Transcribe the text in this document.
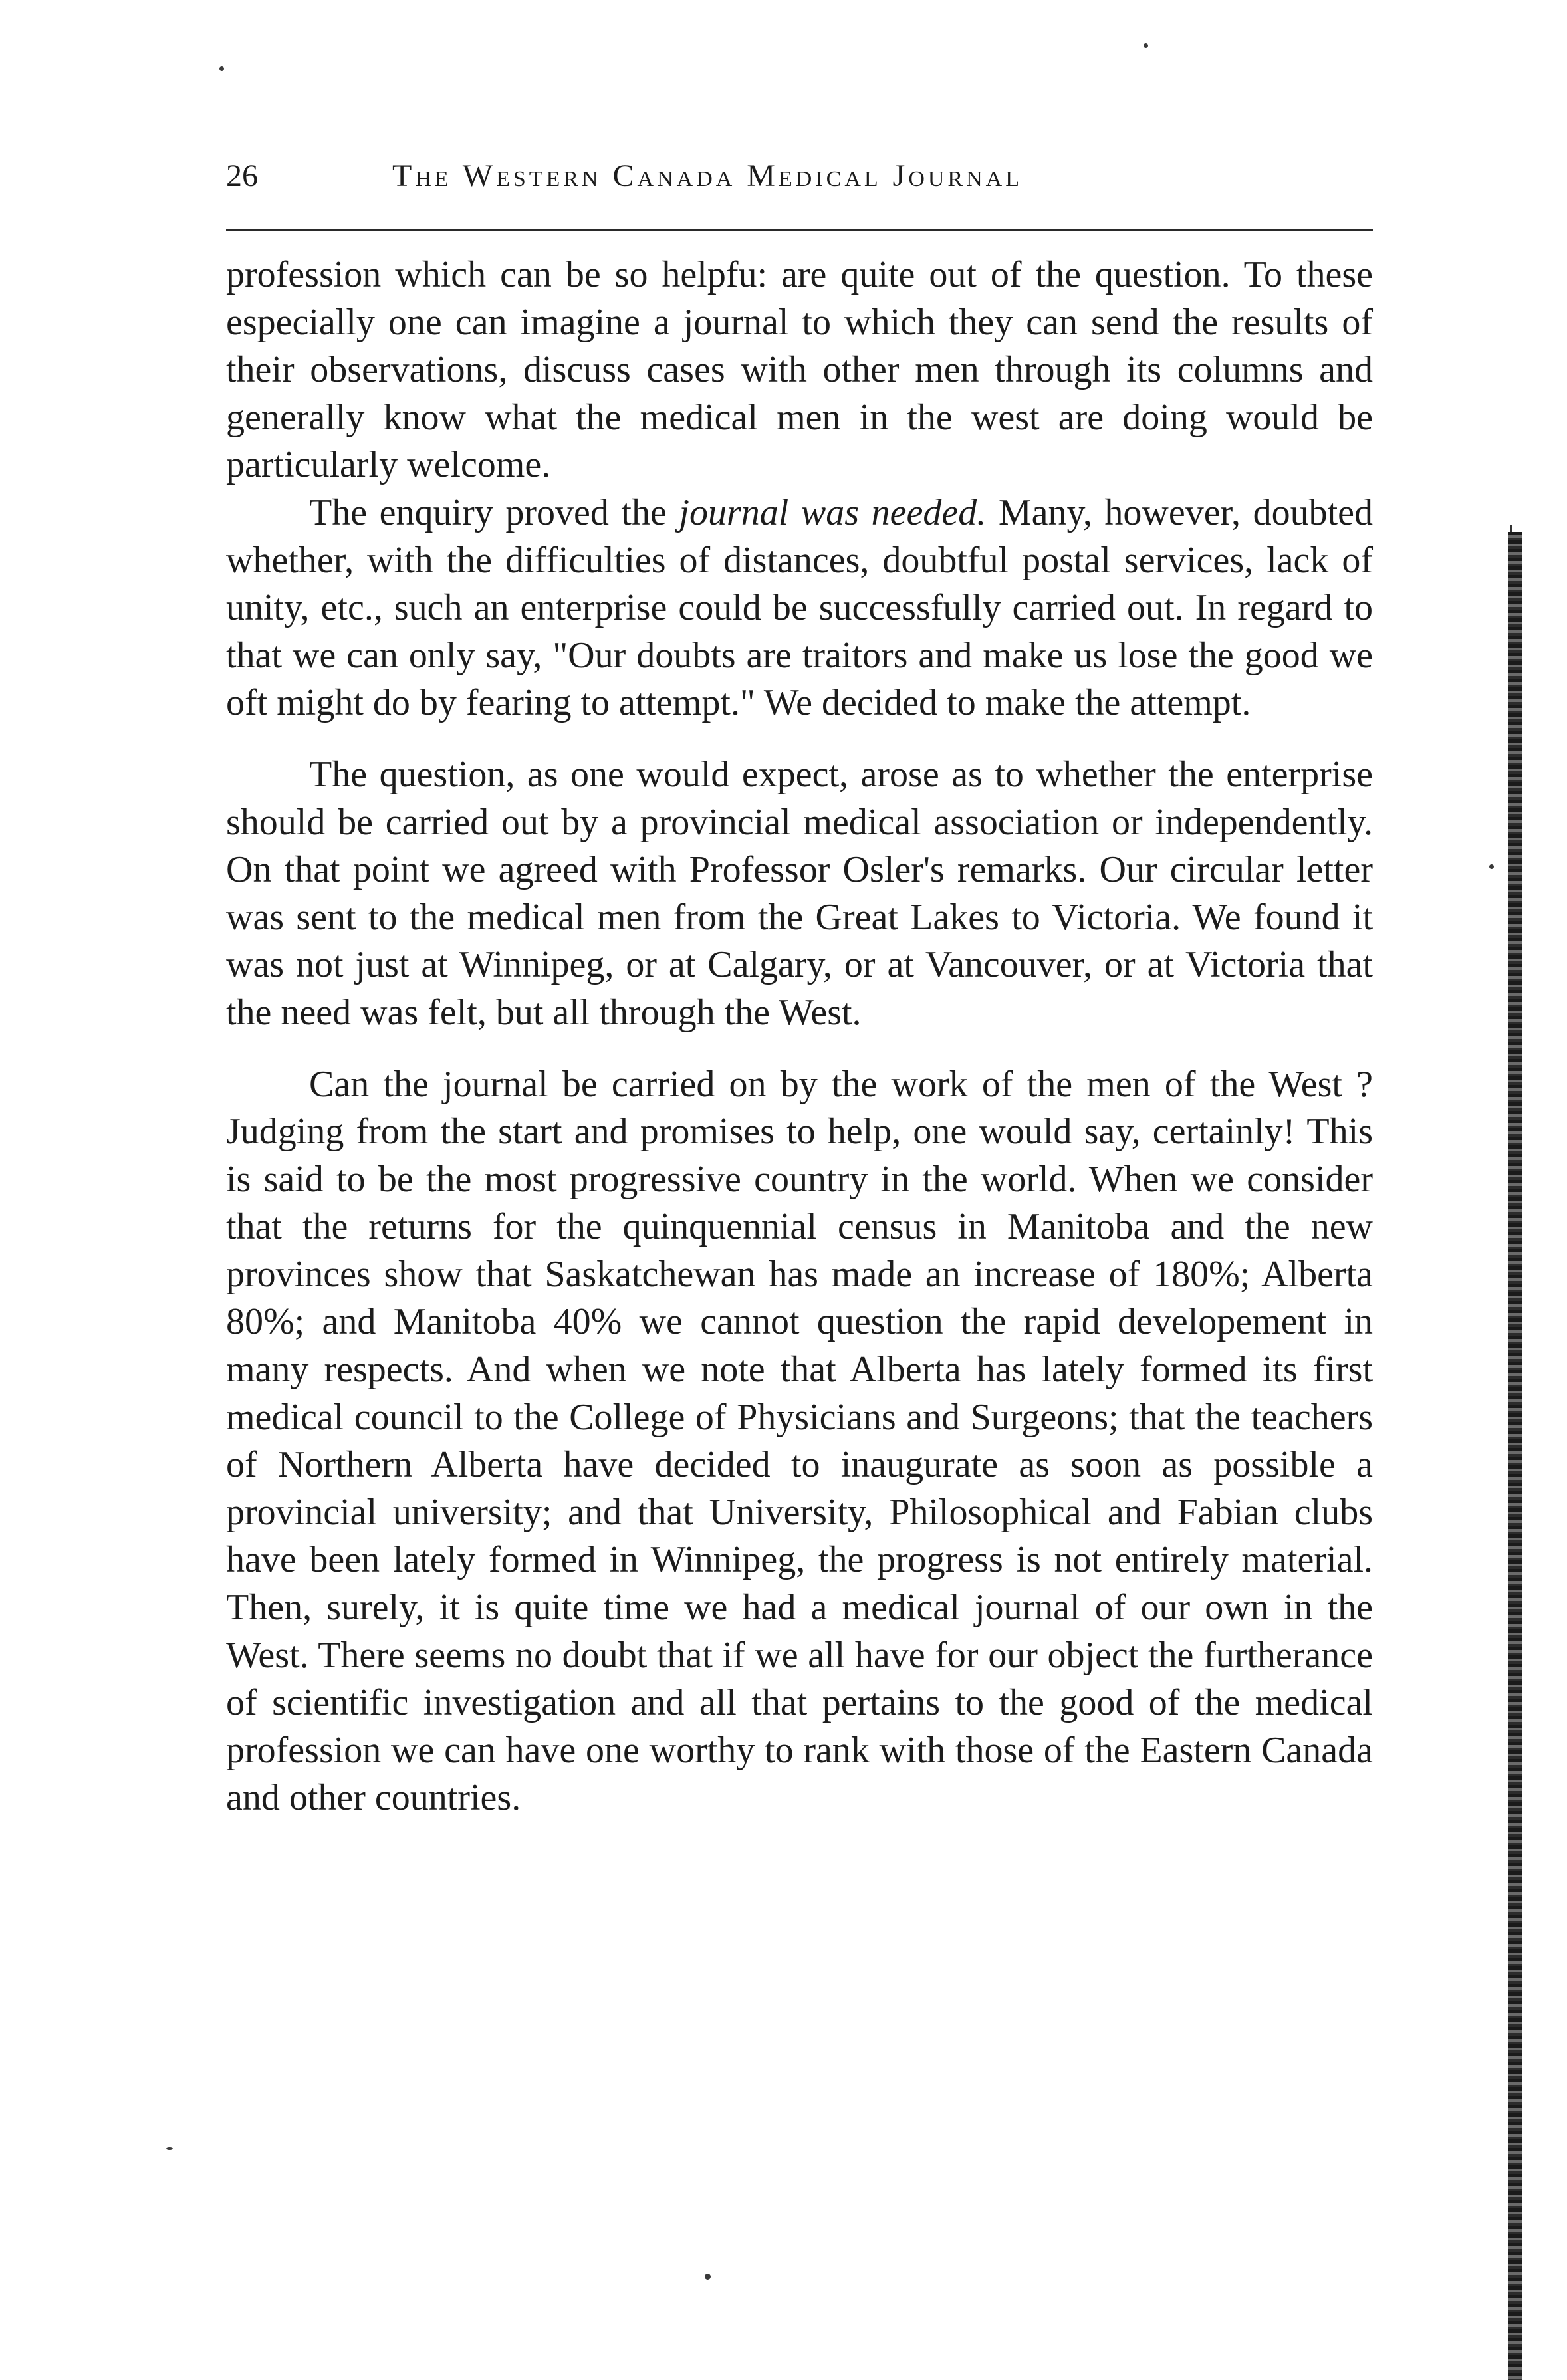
26	The Western Canada Medical Journal

profession which can be so helpfu: are quite out of the question. To these especially one can imagine a journal to which they can send the results of their observations, discuss cases with other men through its columns and generally know what the medical men in the west are doing would be particularly welcome.

The enquiry proved the journal was needed. Many, however, doubted whether, with the difficulties of distances, doubtful postal services, lack of unity, etc., such an enterprise could be successfully carried out. In regard to that we can only say, "Our doubts are traitors and make us lose the good we oft might do by fearing to attempt." We decided to make the attempt.

The question, as one would expect, arose as to whether the enterprise should be carried out by a provincial medical association or independently. On that point we agreed with Professor Osler's remarks. Our circular letter was sent to the medical men from the Great Lakes to Victoria. We found it was not just at Winnipeg, or at Calgary, or at Vancouver, or at Victoria that the need was felt, but all through the West.

Can the journal be carried on by the work of the men of the West ? Judging from the start and promises to help, one would say, certainly! This is said to be the most progressive country in the world. When we consider that the returns for the quinquennial census in Manitoba and the new provinces show that Saskatchewan has made an increase of 180%; Alberta 80%; and Manitoba 40% we cannot question the rapid developement in many respects. And when we note that Alberta has lately formed its first medical council to the College of Physicians and Surgeons; that the teachers of Northern Alberta have decided to inaugurate as soon as possible a provincial university; and that University, Philosophical and Fabian clubs have been lately formed in Winnipeg, the progress is not entirely material. Then, surely, it is quite time we had a medical journal of our own in the West. There seems no doubt that if we all have for our object the furtherance of scientific investigation and all that pertains to the good of the medical profession we can have one worthy to rank with those of the Eastern Canada and other countries.
